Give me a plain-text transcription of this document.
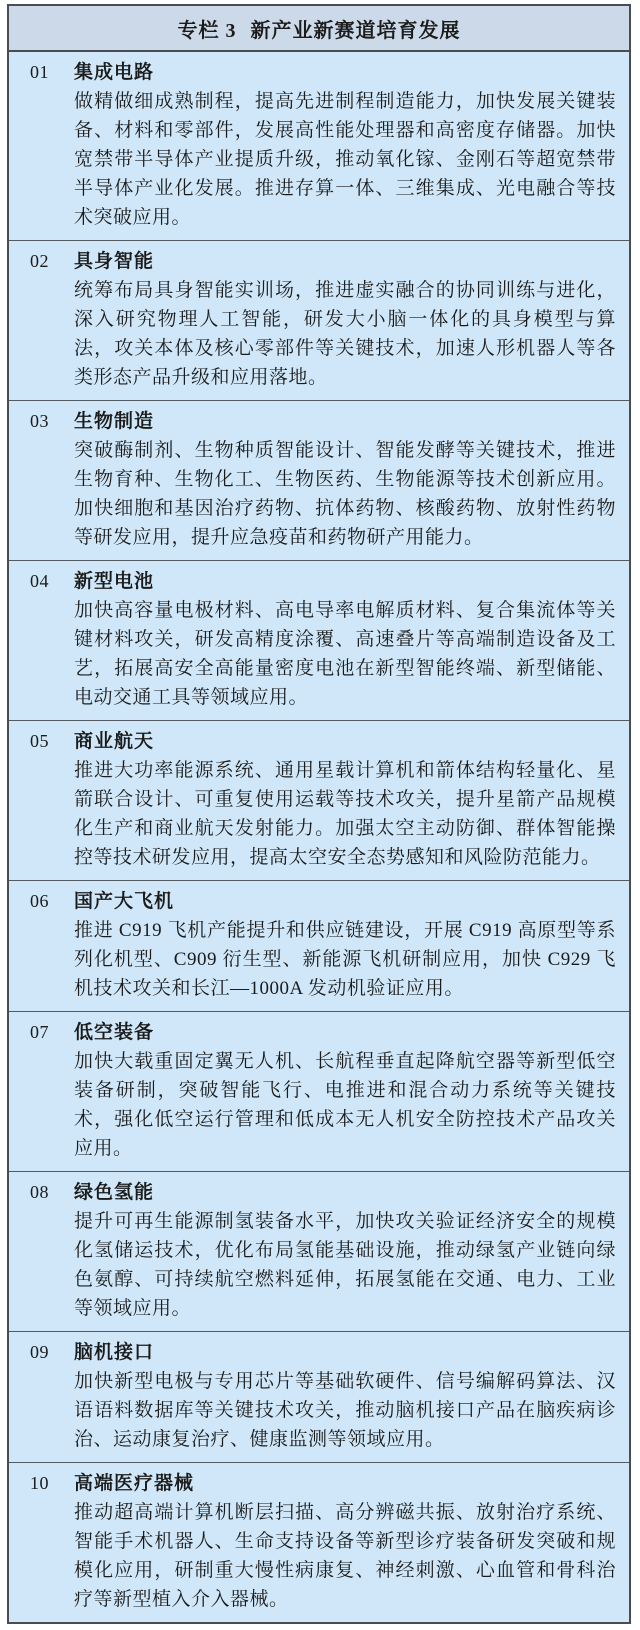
专栏 3 新产业新赛道培育发展
01	集成电路

做精做细成熟制程，提高先进制程制造能力，加快发展关键装备、材料和零部件，发展高性能处理器和高密度存储器。加快宽禁带半导体产业提质升级，推动氧化镓、金刚石等超宽禁带半导体产业化发展。推进存算一体、三维集成、光电融合等技术突破应用。

02	具身智能

统筹布局具身智能实训场，推进虚实融合的协同训练与进化，深入研究物理人工智能，研发大小脑一体化的具身模型与算法，攻关本体及核心零部件等关键技术，加速人形机器人等各类形态产品升级和应用落地。

03	生物制造

突破酶制剂、生物种质智能设计、智能发酵等关键技术，推进生物育种、生物化工、生物医药、生物能源等技术创新应用。加快细胞和基因治疗药物、抗体药物、核酸药物、放射性药物等研发应用，提升应急疫苗和药物研产用能力。

04	新型电池

加快高容量电极材料、高电导率电解质材料、复合集流体等关键材料攻关，研发高精度涂覆、高速叠片等高端制造设备及工艺，拓展高安全高能量密度电池在新型智能终端、新型储能、电动交通工具等领域应用。

05	商业航天

推进大功率能源系统、通用星载计算机和箭体结构轻量化、星箭联合设计、可重复使用运载等技术攻关，提升星箭产品规模化生产和商业航天发射能力。加强太空主动防御、群体智能操控等技术研发应用，提高太空安全态势感知和风险防范能力。

06	国产大飞机

推进 C919 飞机产能提升和供应链建设，开展 C919 高原型等系列化机型、C909 衍生型、新能源飞机研制应用，加快 C929 飞机技术攻关和长江—1000A 发动机验证应用。

07	低空装备

加快大载重固定翼无人机、长航程垂直起降航空器等新型低空装备研制，突破智能飞行、电推进和混合动力系统等关键技术，强化低空运行管理和低成本无人机安全防控技术产品攻关应用。

08	绿色氢能

提升可再生能源制氢装备水平，加快攻关验证经济安全的规模化氢储运技术，优化布局氢能基础设施，推动绿氢产业链向绿色氨醇、可持续航空燃料延伸，拓展氢能在交通、电力、工业等领域应用。

09	脑机接口

加快新型电极与专用芯片等基础软硬件、信号编解码算法、汉语语料数据库等关键技术攻关，推动脑机接口产品在脑疾病诊治、运动康复治疗、健康监测等领域应用。

10	高端医疗器械

推动超高端计算机断层扫描、高分辨磁共振、放射治疗系统、智能手术机器人、生命支持设备等新型诊疗装备研发突破和规模化应用，研制重大慢性病康复、神经刺激、心血管和骨科治疗等新型植入介入器械。
